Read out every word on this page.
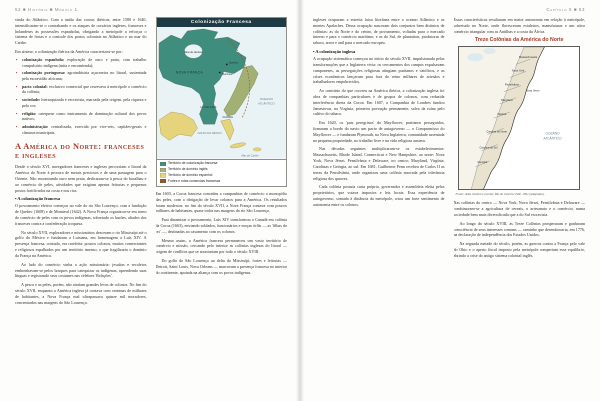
52 ■ História ■ Módulo 1

vinda do Atlântico. Com a união das coroas ibéricas, entre 1580 e 1640, intensificaram-se o contrabando e os ataques de corsários ingleses, franceses e holandeses às possessões espanholas, obrigando a metrópole a reforçar o sistema de frotas e o controle dos portos coloniais no Atlântico e no mar do Caribe.

Em síntese, a colonização ibérica da América caracterizou-se por:
▪ colonização espanhola: exploração de ouro e prata, com trabalho compulsório indígena (mita e encomienda);
▪ colonização portuguesa: agroindústria açucareira no litoral, sustentada pela escravidão africana;
▪ pacto colonial: exclusivo comercial que reservava à metrópole o comércio da colônia;
▪ sociedade: hierarquizada e escravista, marcada pela origem, pela riqueza e pela cor;
▪ religião: catequese como instrumento de dominação cultural dos povos nativos;
▪ administração: centralizada, exercida por vice-reis, capitães-gerais e câmaras municipais.
A América do Norte: franceses e ingleses

Desde o século XVI, navegadores franceses e ingleses percorriam o litoral da América do Norte à procura de metais preciosos e de uma passagem para o Oriente. Não encontrando ouro nem prata, dedicaram-se à pesca do bacalhau e ao comércio de peles, atividades que exigiam apenas feitorias e pequenos postos fortificados na costa e nos rios.

• A colonização francesa

O povoamento efetivo começou no vale do rio São Lourenço, com a fundação de Quebec (1608) e de Montreal (1642). A Nova França organizou-se em torno do comércio de peles com os povos indígenas, sobretudo os hurões, aliados dos franceses contra a confederação iroquesa.

No século XVII, exploradores e missionários desceram o rio Mississípi até o golfo do México e fundaram a Luisiana, em homenagem a Luís XIV. A presença francesa, contudo, era rarefeita: poucos colonos, muitos comerciantes e religiosos espalhados por um território imenso, o que fragilizaria o domínio da França na América.

Ao lado do comércio vinha a ação missionária: jesuítas e recoletos embrenhavam-se pelos bosques para catequizar os indígenas, aprendendo suas línguas e registrando seus costumes nas célebres 'Relações'.

A pesca e as peles, porém, não atraíam grandes levas de colonos. No fim do século XVII, enquanto a América inglesa já contava com centenas de milhares de habitantes, a Nova França mal ultrapassava quinze mil moradores, concentrados nas margens do São Lourenço.

Colonização Francesa
Baía de Hudson
NOVA FRANÇA
Quebec
Montreal
LUISIANA
FLÓRIDA
GOLFO DO MÉXICO
OCEANO
ATLÂNTICO
Mar do Caribe
Território de colonização francesa
Território de domínio inglês
Território de domínio espanhol
Fortes e rotas comerciais francesas

Em 1603, a Coroa francesa concedeu a companhias de comércio o monopólio das peles, com a obrigação de levar colonos para a América. Os resultados foram modestos: no fim do século XVII, a Nova França contava com poucos milhares de habitantes, quase todos nas margens do rio São Lourenço.

Para dinamizar o povoamento, Luís XIV transformou o Canadá em colônia da Coroa (1663), enviando soldados, funcionários e moças órfãs — as 'filhas do rei' —, destinadas ao casamento com os colonos.

Mesmo assim, a América francesa permaneceu um vasto território de comércio e missão, cercando pelo interior as colônias inglesas do litoral — origem de conflitos que se arrastariam por todo o século XVIII.

Do golfo do São Lourenço ao delta do Mississípi, fortes e feitorias — Detroit, Saint Louis, Nova Orleans — marcavam a presença francesa no interior do continente, apoiada na aliança com os povos indígenas.

Capítulo 5 ■ 53

ingleses ocuparam a estreita faixa litorânea entre o oceano Atlântico e os montes Apalaches. Dessa ocupação nasceram dois conjuntos bem distintos de colônias: as do Norte e do centro, de povoamento, voltadas para o mercado interno e para o comércio marítimo; e as do Sul, de plantation, produtoras de tabaco, arroz e anil para o mercado europeu.

• A colonização inglesa

A ocupação sistemática começou no início do século XVII, impulsionada pelas transformações que a Inglaterra vivia: os cercamentos dos campos expulsavam camponeses, as perseguições religiosas atingiam puritanos e católicos, e as crises econômicas lançavam para fora do reino milhares de artesãos e trabalhadores empobrecidos.

Ao contrário do que ocorreu na América ibérica, a colonização inglesa foi obra de companhias particulares e de grupos de colonos, com reduzida interferência direta da Coroa. Em 1607, a Companhia de Londres fundou Jamestown, na Virgínia, primeira povoação permanente, salva da ruína pelo cultivo do tabaco.

Em 1620, os 'pais peregrinos' do Mayflower, puritanos perseguidos, firmaram a bordo do navio um pacto de autogoverno — o Compromisso do Mayflower — e fundaram Plymouth, na Nova Inglaterra, comunidade assentada na pequena propriedade, no trabalho livre e na vida religiosa austera.

Nas décadas seguintes multiplicaram-se os estabelecimentos: Massachusetts, Rhode Island, Connecticut e New Hampshire, ao norte; Nova York, Nova Jérsei, Pensilvânia e Delaware, no centro; Maryland, Virgínia, Carolinas e Geórgia, ao sul. Em 1681, Guilherme Penn recebeu de Carlos II as terras da Pensilvânia, onde organizou uma colônia marcada pela tolerância religiosa dos quacres.

Cada colônia possuía carta própria, governador e assembleia eleita pelos proprietários, que votava impostos e leis locais. Essa experiência de autogoverno, somada à distância da metrópole, criou um forte sentimento de autonomia entre os colonos.

Essas características resultaram em maior autonomia em relação à metrópole, sobretudo no Norte, onde floresceram estaleiros, manufaturas e um ativo comércio triangular com as Antilhas e a costa da África.

Treze Colônias da América do Norte
Massachusetts
Nova York
Pensilvânia
Nova Jérsei
Maryland
Virgínia
Carolina do Norte
Carolina do Sul
Geórgia
OCEANO
ATLÂNTICO
Fonte: Atlas histórico escolar. Rio de Janeiro: FAE, 1991 (adaptado).

Nas colônias do centro — Nova York, Nova Jérsei, Pensilvânia e Delaware — combinavam-se a agricultura de cereais, o artesanato e o comércio, numa sociedade bem mais diversificada que a do Sul escravista.

Ao longo do século XVIII, as Treze Colônias prosperaram e ganharam consciência de seus interesses comuns — caminho que desembocaria, em 1776, na declaração de independência dos Estados Unidos.

Na segunda metade do século, porém, as guerras contra a França pelo vale do Ohio e o aperto fiscal imposto pela metrópole romperiam esse equilíbrio, abrindo a crise do antigo sistema colonial inglês.
